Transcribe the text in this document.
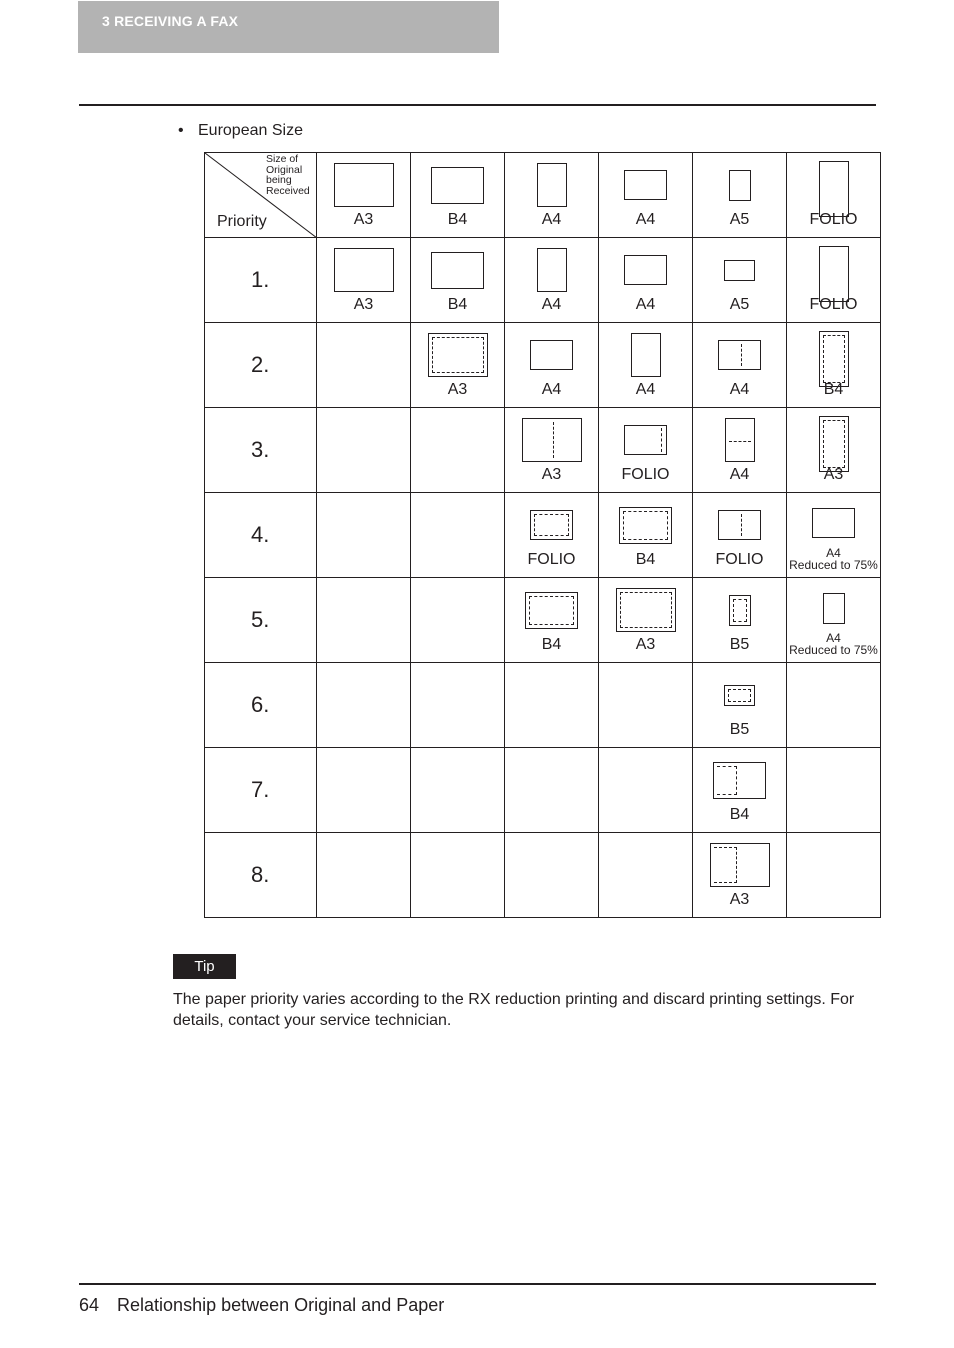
3 RECEIVING A FAX
• European Size
Size of
Original
being
Received
Priority	A3	B4	A4	A4	A5	FOLIO

1.	A3	B4	A4	A4	A5	FOLIO

2.		A3	A4	A4	A4	B4

3.			A3	FOLIO	A4	A3

4.			FOLIO	B4	FOLIO	A4
Reduced to 75%

5.			B4	A3	B5	A4
Reduced to 75%

6.					B5	

7.					B4	

8.					A3	

Tip
The paper priority varies according to the RX reduction printing and discard printing settings. For details, contact your service technician.
64 Relationship between Original and Paper
